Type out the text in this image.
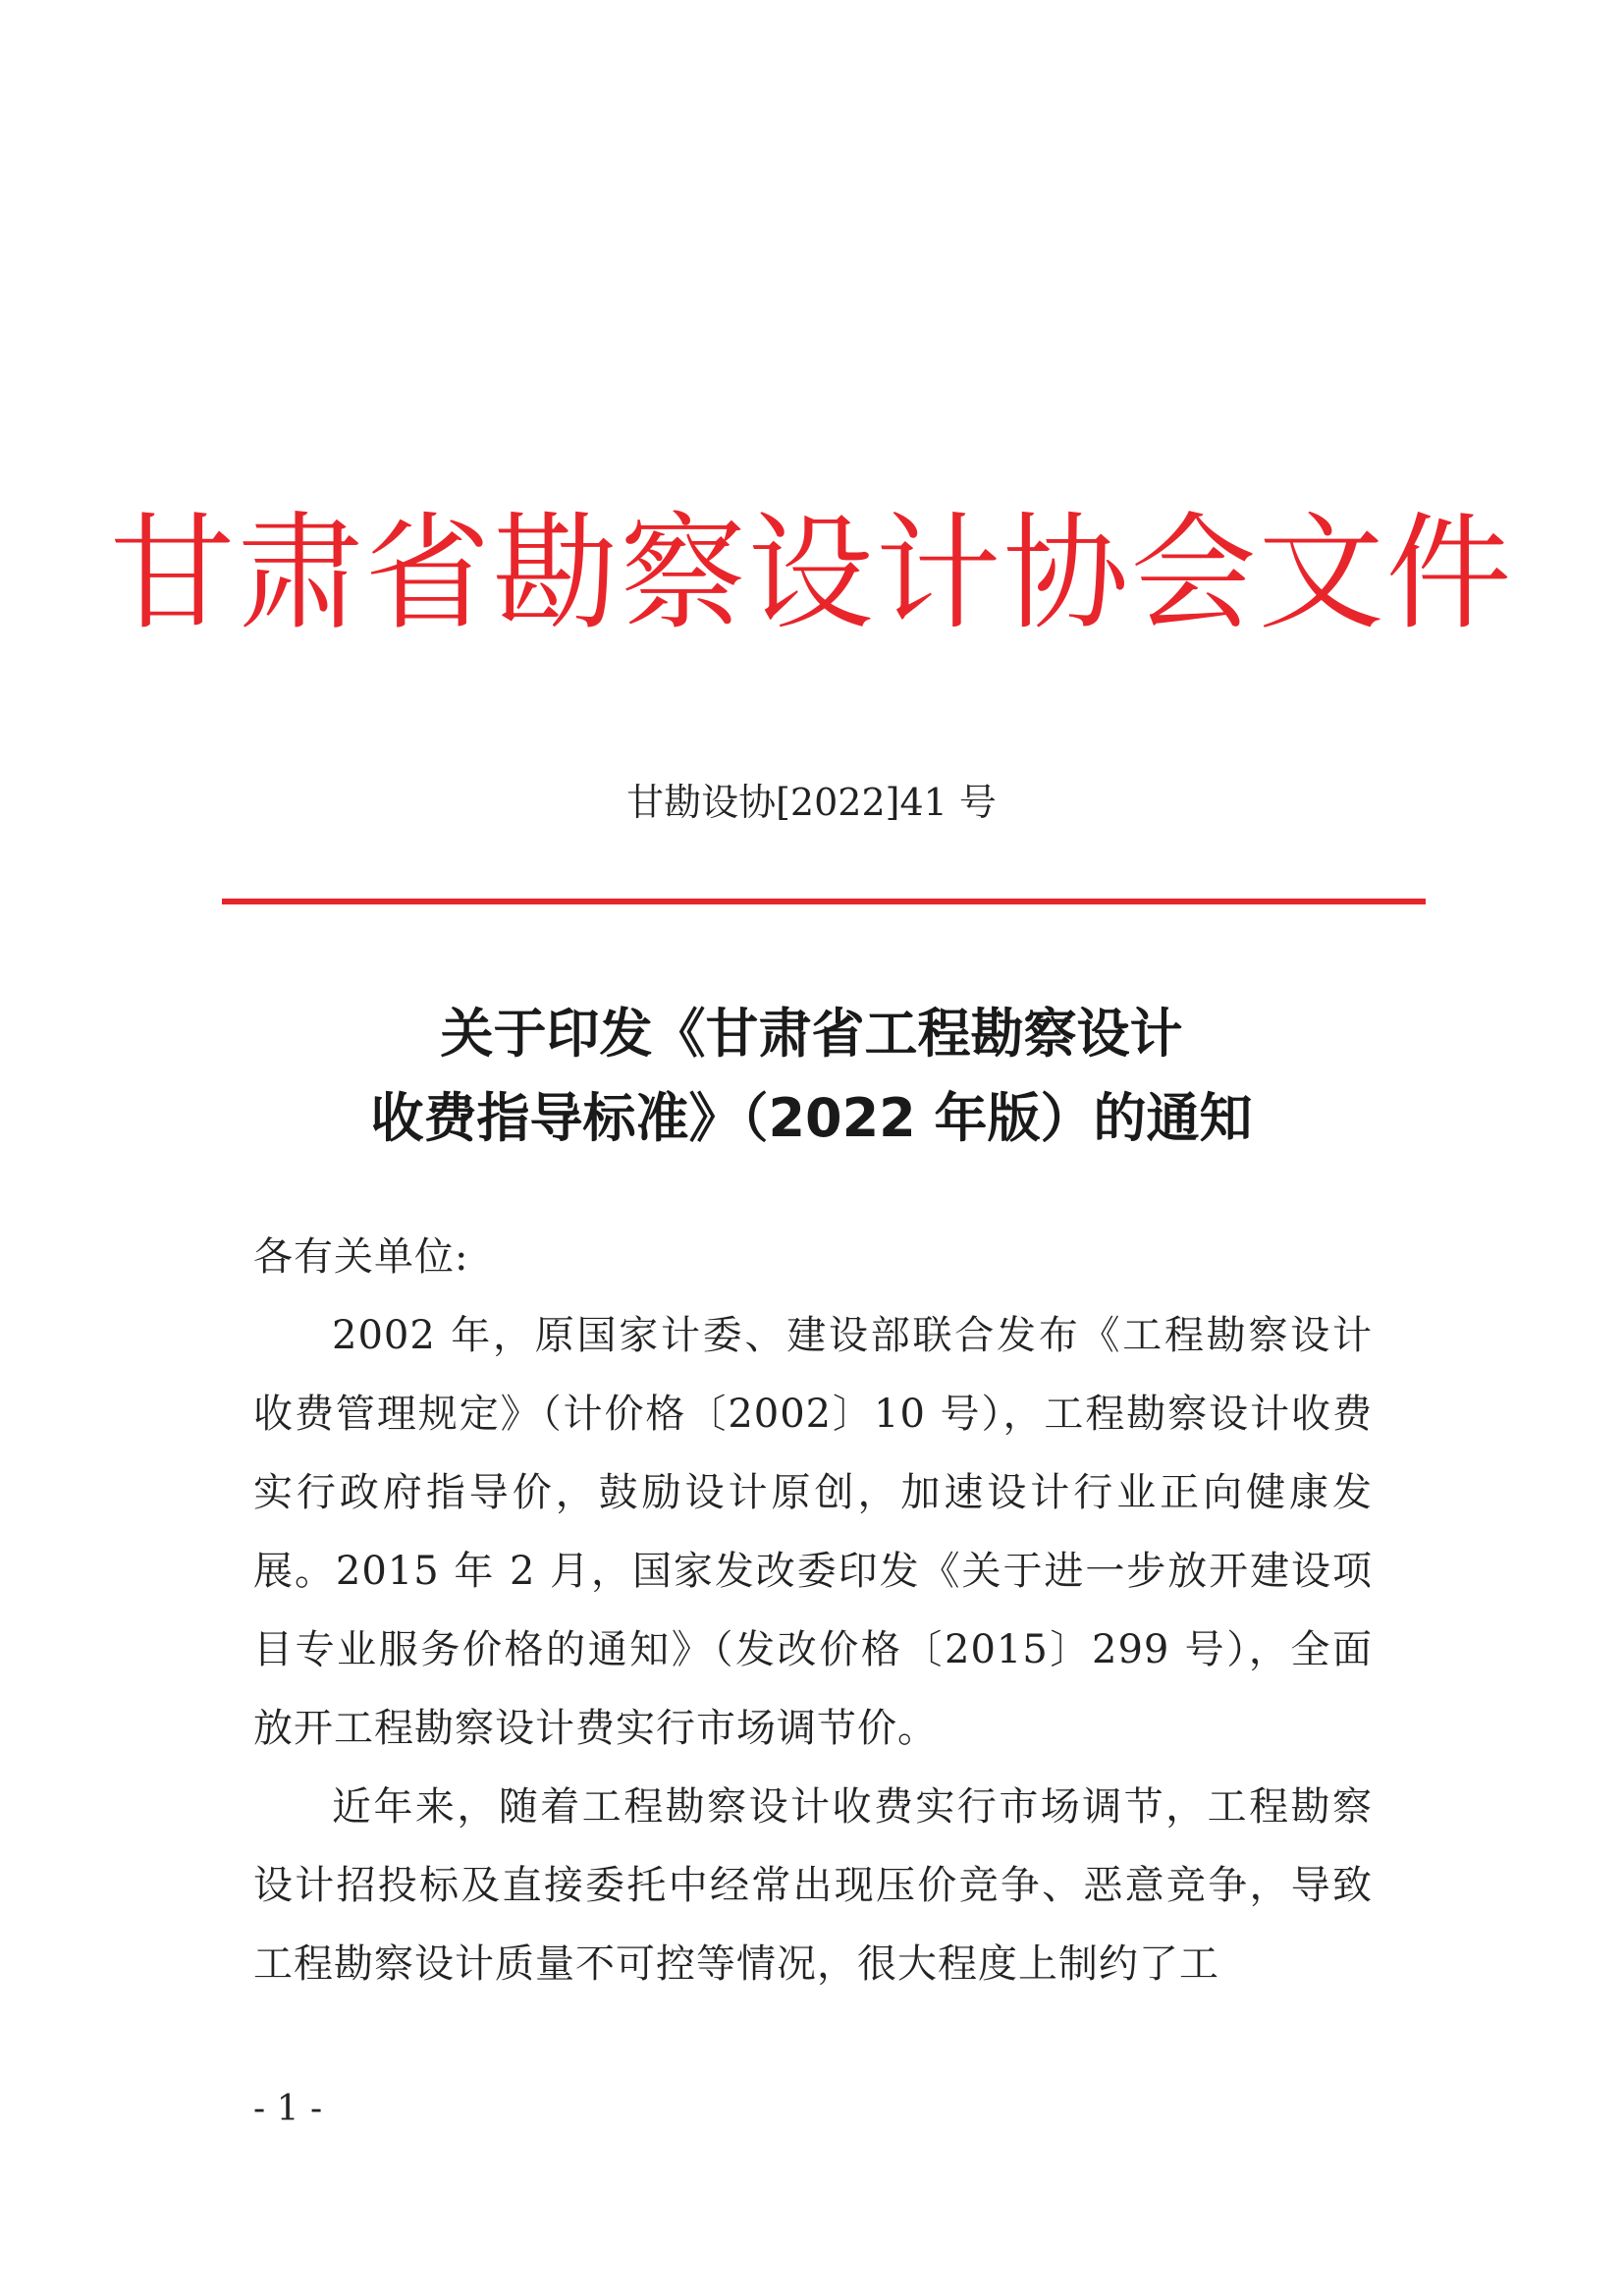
甘肃省勘察设计协会文件
甘勘设协[2022]41 号
关于印发《甘肃省工程勘察设计
收费指导标准》（2022 年版）的通知
各有关单位:

2002 年，原国家计委、建设部联合发布《工程勘察设计收费管理规定》（计价格〔2002〕10 号），工程勘察设计收费实行政府指导价，鼓励设计原创，加速设计行业正向健康发展。2015 年 2 月，国家发改委印发《关于进一步放开建设项目专业服务价格的通知》（发改价格〔2015〕299 号），全面放开工程勘察设计费实行市场调节价。

近年来，随着工程勘察设计收费实行市场调节，工程勘察设计招投标及直接委托中经常出现压价竞争、恶意竞争，导致工程勘察设计质量不可控等情况，很大程度上制约了工

- 1 -
